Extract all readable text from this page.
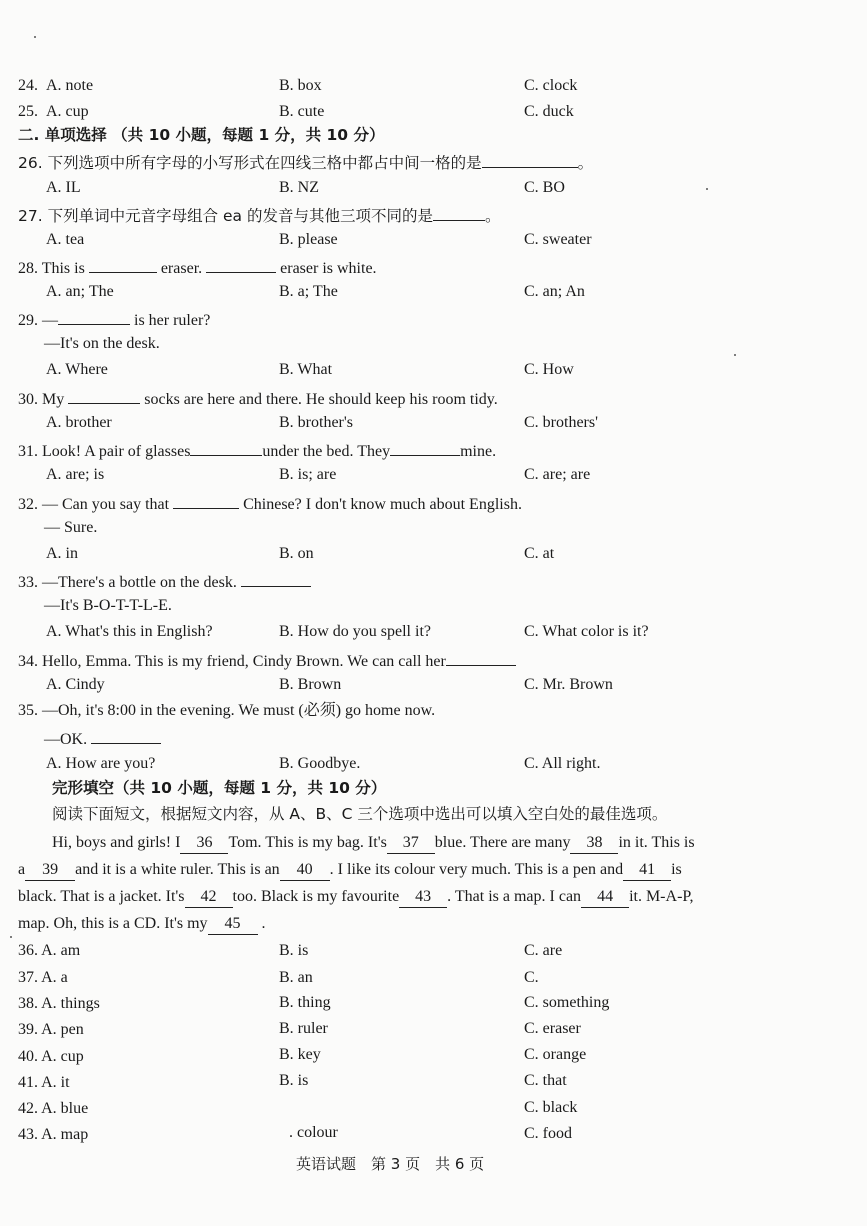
24. A. note	B. box	C. clock
25. A. cup	B. cute	C. duck
二. 单项选择 （共 10 小题，每题 1 分，共 10 分）
26. 下列选项中所有字母的小写形式在四线三格中都占中间一格的是	。
A. IL	B. NZ	C. BO
27. 下列单词中元音字母组合 ea 的发音与其他三项不同的是	。
A. tea	B. please	C. sweater
28. This is	eraser.	eraser is white.
A. an; The	B. a; The	C. an; An
29. —	is her ruler?
—It's on the desk.
A. Where	B. What	C. How
30. My	socks are here and there. He should keep his room tidy.
A. brother	B. brother's	C. brothers'
31. Look! A pair of glasses	under the bed. They	mine.
A. are; is	B. is; are	C. are; are
32. — Can you say that	Chinese? I don't know much about English.
— Sure.
A. in	B. on	C. at
33. —There's a bottle on the desk.
—It's B-O-T-T-L-E.
A. What's this in English?	B. How do you spell it?	C. What color is it?
34. Hello, Emma. This is my friend, Cindy Brown. We can call her
A. Cindy	B. Brown	C. Mr. Brown
35. —Oh, it's 8:00 in the evening. We must (必须) go home now.
—OK.
A. How are you?	B. Goodbye.	C. All right.
完形填空（共 10 小题，每题 1 分，共 10 分）
阅读下面短文，根据短文内容，从 A、B、C 三个选项中选出可以填入空白处的最佳选项。
Hi, boys and girls! I 36 Tom. This is my bag. It's 37 blue. There are many 38 in it. This is
a 39 and it is a white ruler. This is an 40 . I like its colour very much. This is a pen and 41 is
black. That is a jacket. It's 42 too. Black is my favourite 43 . That is a map. I can 44 it. M-A-P,
map. Oh, this is a CD. It's my 45 .
36. A. am	B. is	C. are
37. A. a	B. an	C.
38. A. things	B. thing	C. something
39. A. pen	B. ruler	C. eraser
40. A. cup	B. key	C. orange
41. A. it	B. is	C. that
42. A. blue	C. black
43. A. map	. colour	C. food
英语试题　第 3 页　共 6 页
